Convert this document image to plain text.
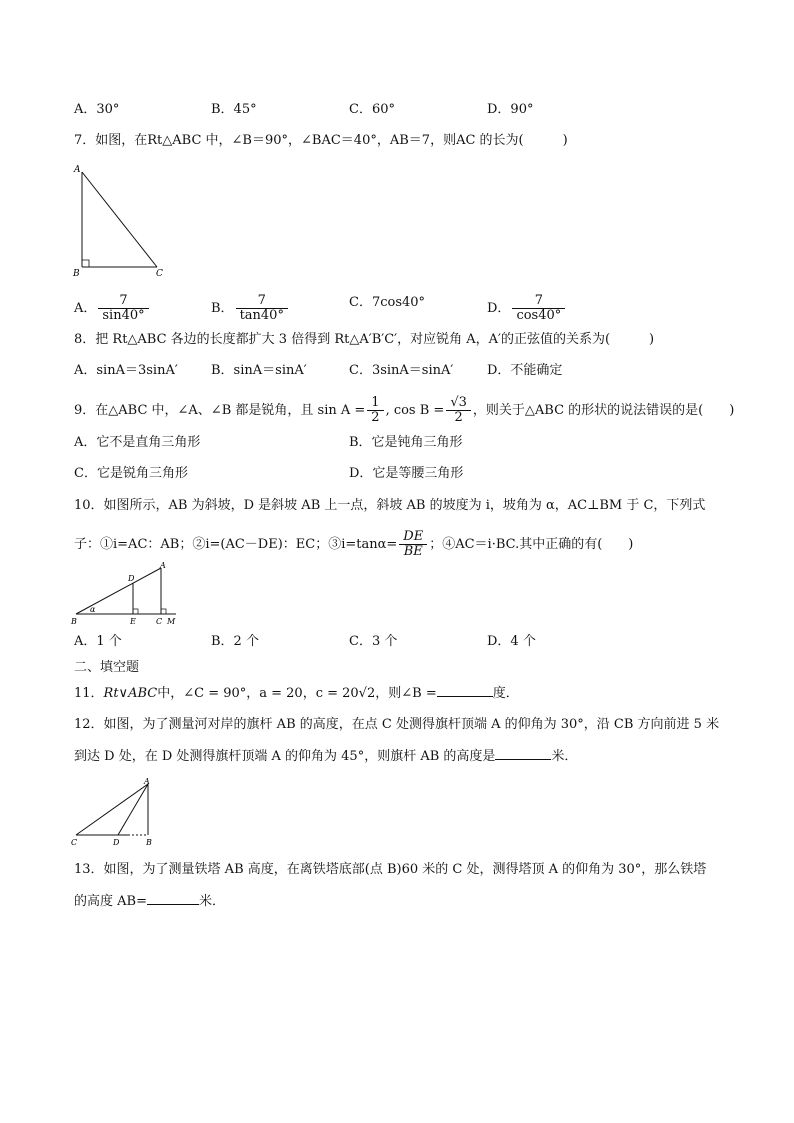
A．30°	B．45°	C．60°	D．90°
7．如图，在Rt△ABC 中，∠B＝90°，∠BAC＝40°，AB＝7，则AC 的长为(　　　)
A
B	C
A． $\frac{7}{\sin 40^\circ}$	B． $\frac{7}{\tan 40^\circ}$	C．7cos40°	D． $\frac{7}{\cos 40^\circ}$
8．把 Rt△ABC 各边的长度都扩大 3 倍得到 Rt△A′B′C′，对应锐角 A，A′的正弦值的关系为(　　　)
A．sinA＝3sinA′	B．sinA＝sinA′	C．3sinA＝sinA′	D．不能确定
9．在△ABC 中，∠A、∠B 都是锐角，且 $\sin A = \frac{1}{2}$ , $\cos B = \frac{√3}{2}$ ，则关于△ABC 的形状的说法错误的是(　　)
A．它不是直角三角形	B．它是钝角三角形
C．它是锐角三角形	D．它是等腰三角形
10．如图所示，AB 为斜坡，D 是斜坡 AB 上一点，斜坡 AB 的坡度为 i，坡角为 α，AC⊥BM 于 C，下列式
子：①i=AC：AB；②i=(AC－DE)：EC；③i=tanα= $\frac{DE}{BE}$ ；④AC＝i·BC.其中正确的有(　　)
α
A
D
B	E	C M
A．1 个	B．2 个	C．3 个	D．4 个
二、填空题
11．Rt∨ABC中，∠C = 90°，a = 20，c = 20√2，则∠B =	度．
12．如图，为了测量河对岸的旗杆 AB 的高度，在点 C 处测得旗杆顶端 A 的仰角为 30°，沿 CB 方向前进 5 米
到达 D 处，在 D 处测得旗杆顶端 A 的仰角为 45°，则旗杆 AB 的高度是	米．
A
C	D	B
13．如图，为了测量铁塔 AB 高度，在离铁塔底部(点 B)60 米的 C 处，测得塔顶 A 的仰角为 30°，那么铁塔
的高度 AB=	米．
